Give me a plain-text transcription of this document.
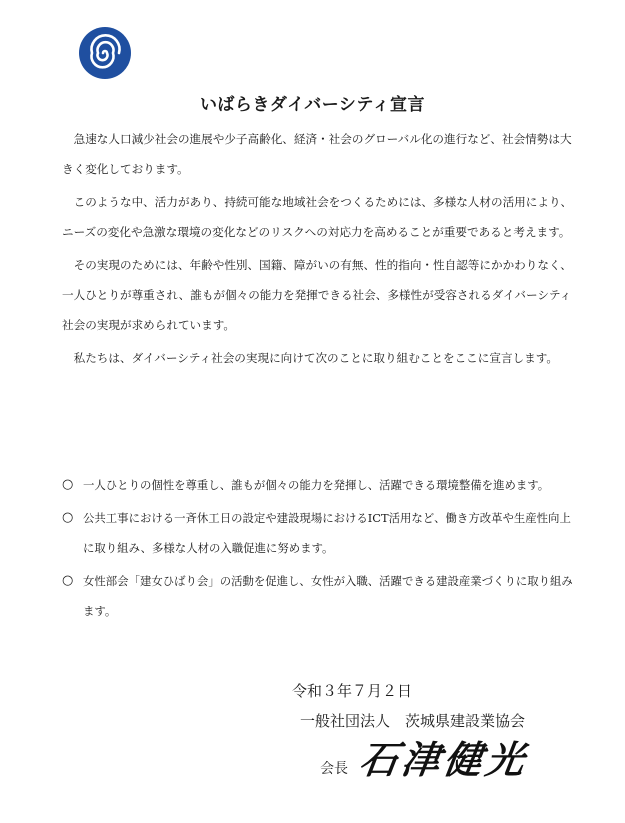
いばらきダイバーシティ宣言

急速な人口減少社会の進展や少子高齢化、経済・社会のグローバル化の進行など、社会情勢は大きく変化しております。

このような中、活力があり、持続可能な地域社会をつくるためには、多様な人材の活用により、ニーズの変化や急激な環境の変化などのリスクへの対応力を高めることが重要であると考えます。

その実現のためには、年齢や性別、国籍、障がいの有無、性的指向・性自認等にかかわりなく、一人ひとりが尊重され、誰もが個々の能力を発揮できる社会、多様性が受容されるダイバーシティ社会の実現が求められています。

私たちは、ダイバーシティ社会の実現に向けて次のことに取り組むことをここに宣言します。

○ 一人ひとりの個性を尊重し、誰もが個々の能力を発揮し、活躍できる環境整備を進めます。
○ 公共工事における一斉休工日の設定や建設現場におけるICT活用など、働き方改革や生産性向上に取り組み、多様な人材の入職促進に努めます。
○ 女性部会「建女ひばり会」の活動を促進し、女性が入職、活躍できる建設産業づくりに取り組みます。

令和３年７月２日

一般社団法人　茨城県建設業協会

会長 石津健光
